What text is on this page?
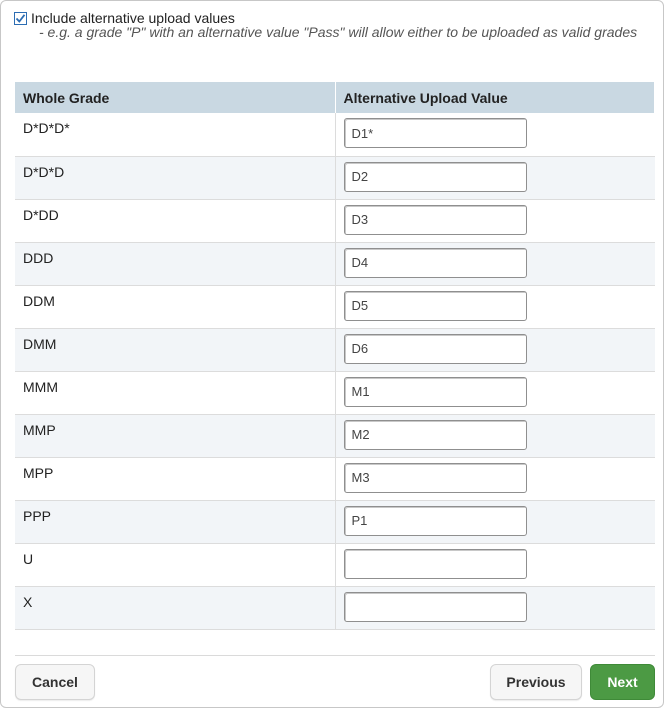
Include alternative upload values
- e.g. a grade "P" with an alternative value "Pass" will allow either to be uploaded as valid grades
Whole Grade	Alternative Upload Value
D*D*D*	D1*
D*D*D	D2
D*DD	D3
DDD	D4
DDM	D5
DMM	D6
MMM	M1
MMP	M2
MPP	M3
PPP	P1
U	
X	
Cancel	Previous	Next
